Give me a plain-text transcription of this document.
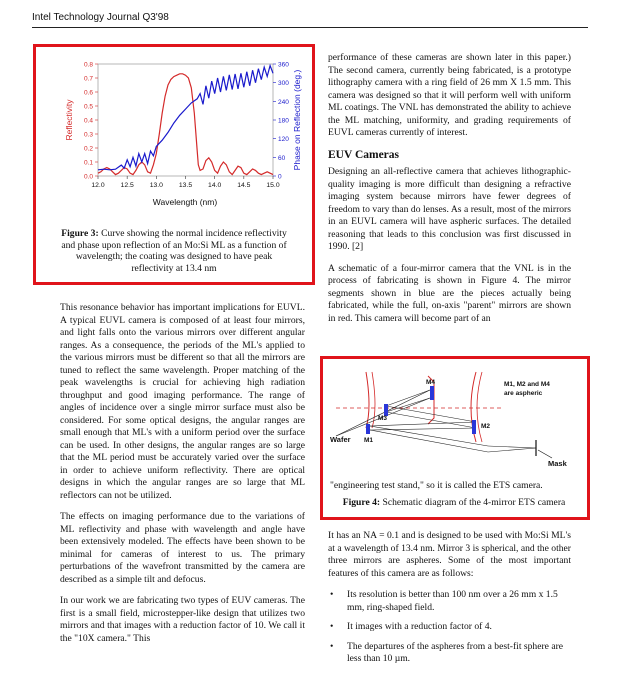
Intel Technology Journal Q3'98
0.0
0.1
0.2
0.3
0.4
0.5
0.6
0.7
0.8
0
60
120
180
240
300
360
12.0 12.5 13.0 13.5 14.0 14.5 15.0
Wavelength (nm)
Reflectivity	Phase on Reflection (deg.)
Figure 3: Curve showing the normal incidence reflectivity and phase upon reflection of an Mo:Si ML as a function of wavelength; the coating was designed to have peak reflectivity at 13.4 nm

This resonance behavior has important implications for EUVL. A typical EUVL camera is composed of at least four mirrors, and light falls onto the various mirrors over different angular ranges. As a consequence, the periods of the ML's applied to the various mirrors must be different so that all the mirrors are tuned to reflect the same wavelength. Proper matching of the peak wavelengths is crucial for achieving high radiation throughput and good imaging performance. The range of angles of incidence over a single mirror surface must also be considered. For some optical designs, the angular ranges are small enough that ML's with a uniform period over the surface can be used. In other designs, the angular ranges are so large that the ML period must be accurately varied over the surface in order to achieve uniform reflectivity. There are optical designs in which the angular ranges are so large that ML reflectors can not be utilized.

The effects on imaging performance due to the variations of ML reflectivity and phase with wavelength and angle have been extensively modeled. The effects have been shown to be minimal for cameras of interest to us. The primary perturbations of the wavefront transmitted by the camera are described as a simple tilt and defocus.

In our work we are fabricating two types of EUV cameras. The first is a small field, microstepper-like design that utilizes two mirrors and that images with a reduction factor of 10. We call it the "10X camera." This

performance of these cameras are shown later in this paper.) The second camera, currently being fabricated, is a prototype lithography camera with a ring field of 26 mm X 1.5 mm. This camera was designed so that it will perform well with uniform ML coatings. The VNL has demonstrated the ability to achieve the ML matching, uniformity, and grading requirements of EUVL cameras currently of interest.

EUV Cameras

Designing an all-reflective camera that achieves lithographic-quality imaging is more difficult than designing a refractive imaging system because mirrors have fewer degrees of freedom to vary than do lenses. As a result, most of the mirrors in an EUVL camera will have aspheric surfaces. The detailed reasoning that leads to this conclusion was first discussed in 1990. [2]

A schematic of a four-mirror camera that the VNL is in the process of fabricating is shown in Figure 4. The mirror segments shown in blue are the pieces actually being fabricated, while the full, on-axis "parent" mirrors are shown in red. This camera will become part of an

M4
M3
M2
M1
Wafer
Mask
M1, M2 and M4
are aspheric
"engineering test stand," so it is called the ETS camera.
Figure 4: Schematic diagram of the 4-mirror ETS camera

It has an NA = 0.1 and is designed to be used with Mo:Si ML's at a wavelength of 13.4 nm. Mirror 3 is spherical, and the other three mirrors are aspheres. Some of the most important features of this camera are as follows:

• Its resolution is better than 100 nm over a 26 mm x 1.5 mm, ring-shaped field.
• It images with a reduction factor of 4.
• The departures of the aspheres from a best-fit sphere are less than 10 µm.
